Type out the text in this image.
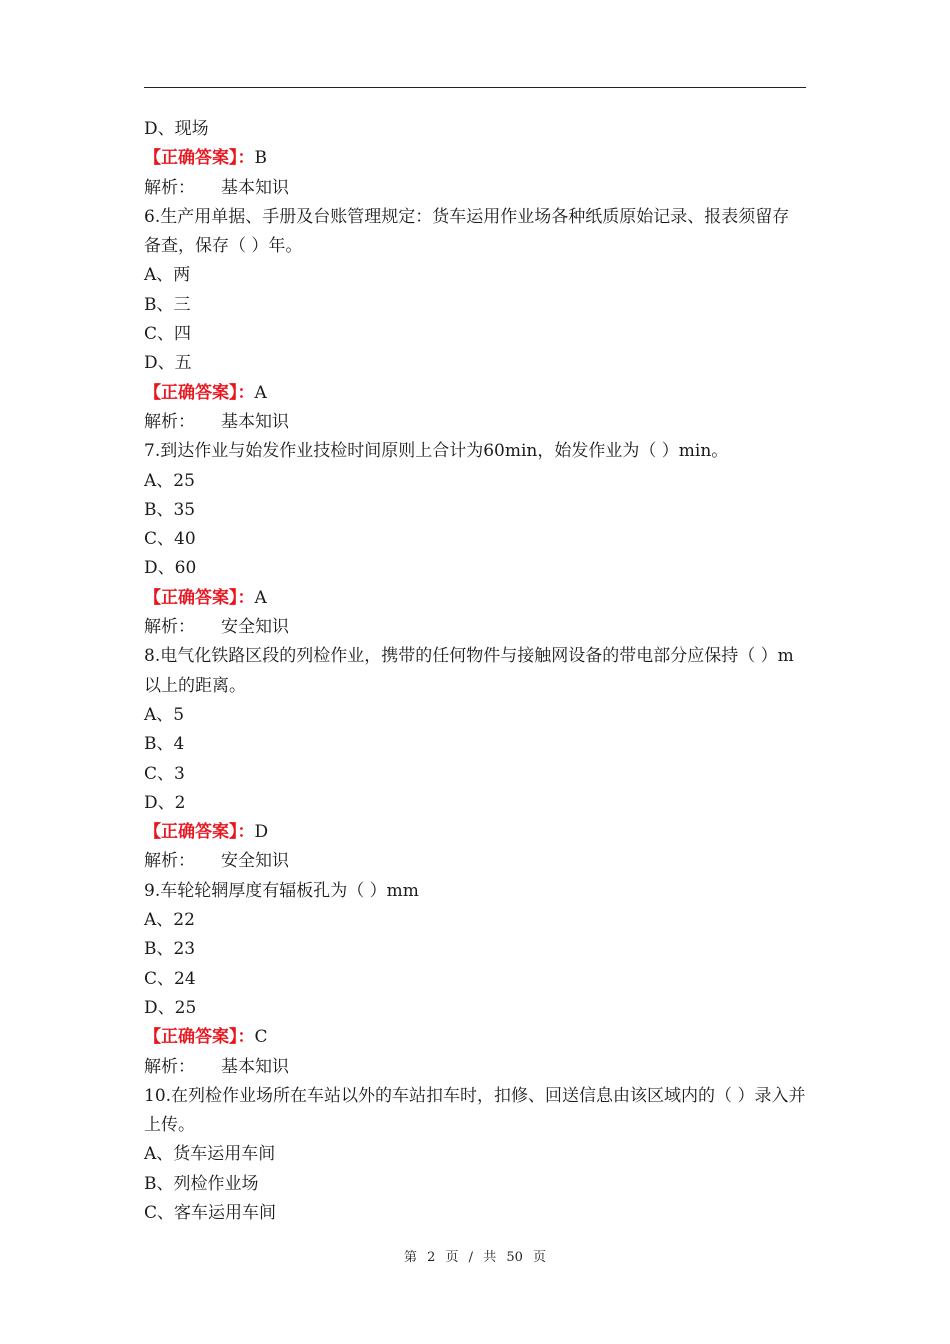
D、现场
【正确答案】：B
解析： 基本知识
6.生产用单据、手册及台账管理规定：货车运用作业场各种纸质原始记录、报表须留存备查，保存（ ）年。
A、两
B、三
C、四
D、五
【正确答案】：A
解析： 基本知识
7.到达作业与始发作业技检时间原则上合计为60min，始发作业为（ ）min。
A、25
B、35
C、40
D、60
【正确答案】：A
解析： 安全知识
8.电气化铁路区段的列检作业，携带的任何物件与接触网设备的带电部分应保持（ ）m以上的距离。
A、5
B、4
C、3
D、2
【正确答案】：D
解析： 安全知识
9.车轮轮辋厚度有辐板孔为（ ）mm
A、22
B、23
C、24
D、25
【正确答案】：C
解析： 基本知识
10.在列检作业场所在车站以外的车站扣车时，扣修、回送信息由该区域内的（ ）录入并上传。
A、货车运用车间
B、列检作业场
C、客车运用车间
第 2 页 / 共 50 页
